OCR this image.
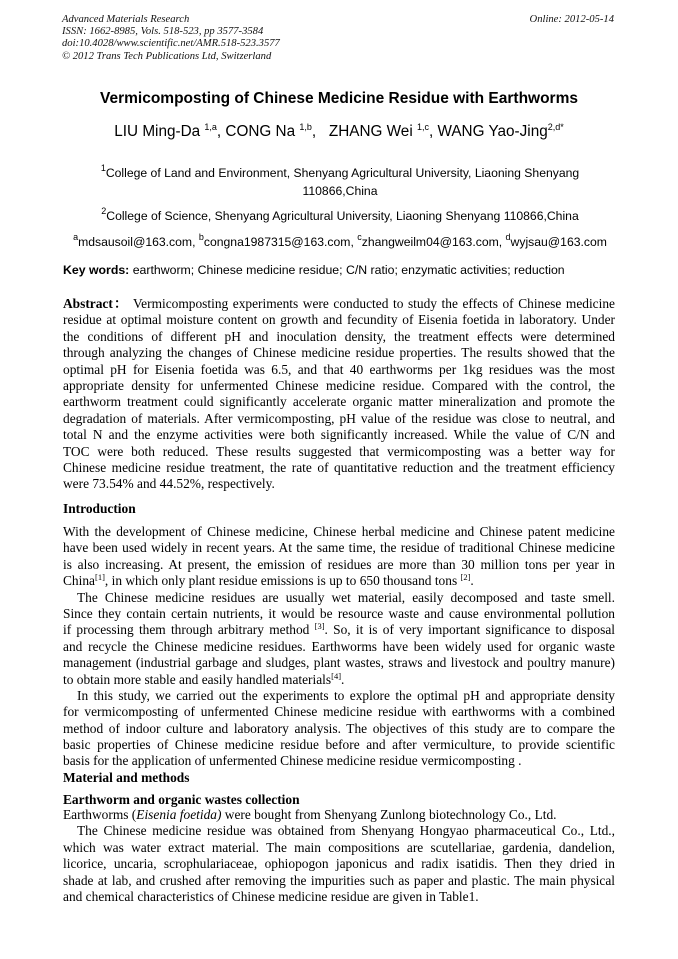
Advanced Materials Research
ISSN: 1662-8985, Vols. 518-523, pp 3577-3584
doi:10.4028/www.scientific.net/AMR.518-523.3577
© 2012 Trans Tech Publications Ltd, Switzerland
Online: 2012-05-14
Vermicomposting of Chinese Medicine Residue with Earthworms
LIU Ming-Da $^{1,a}$, CONG Na $^{1,b}$,   ZHANG Wei $^{1,c}$, WANG Yao-Jing$^{2,d*}$
$^1$College of Land and Environment, Shenyang Agricultural University, Liaoning Shenyang
110866,China
$^2$College of Science, Shenyang Agricultural University, Liaoning Shenyang 110866,China
$^a$mdsausoil@163.com, $^b$congna1987315@163.com, $^c$zhangweilm04@163.com, $^d$wyjsau@163.com
Key words: earthworm; Chinese medicine residue; C/N ratio; enzymatic activities; reduction
Abstract： Vermicomposting experiments were conducted to study the effects of Chinese medicine
residue at optimal moisture content on growth and fecundity of Eisenia foetida in laboratory. Under
the conditions of different pH and inoculation density, the treatment effects were determined
through analyzing the changes of Chinese medicine residue properties. The results showed that the
optimal pH for Eisenia foetida was 6.5, and that 40 earthworms per 1kg residues was the most
appropriate density for unfermented Chinese medicine residue. Compared with the control, the
earthworm treatment could significantly accelerate organic matter mineralization and promote the
degradation of materials. After vermicomposting, pH value of the residue was close to neutral, and
total N and the enzyme activities were both significantly increased. While the value of C/N and
TOC were both reduced. These results suggested that vermicomposting was a better way for
Chinese medicine residue treatment, the rate of quantitative reduction and the treatment efficiency
were 73.54% and 44.52%, respectively.
Introduction
With the development of Chinese medicine, Chinese herbal medicine and Chinese patent medicine
have been used widely in recent years. At the same time, the residue of traditional Chinese medicine
is also increasing. At present, the emission of residues are more than 30 million tons per year in
China[1], in which only plant residue emissions is up to 650 thousand tons [2].
The Chinese medicine residues are usually wet material, easily decomposed and taste smell.
Since they contain certain nutrients, it would be resource waste and cause environmental pollution
if processing them through arbitrary method [3]. So, it is of very important significance to disposal
and recycle the Chinese medicine residues. Earthworms have been widely used for organic waste
management (industrial garbage and sludges, plant wastes, straws and livestock and poultry manure)
to obtain more stable and easily handled materials[4].
In this study, we carried out the experiments to explore the optimal pH and appropriate density
for vermicomposting of unfermented Chinese medicine residue with earthworms with a combined
method of indoor culture and laboratory analysis. The objectives of this study are to compare the
basic properties of Chinese medicine residue before and after vermiculture, to provide scientific
basis for the application of unfermented Chinese medicine residue vermicomposting .
Material and methods
Earthworm and organic wastes collection
Earthworms (Eisenia foetida) were bought from Shenyang Zunlong biotechnology Co., Ltd.
The Chinese medicine residue was obtained from Shenyang Hongyao pharmaceutical Co., Ltd.,
which was water extract material. The main compositions are scutellariae, gardenia, dandelion,
licorice, uncaria, scrophulariaceae, ophiopogon japonicus and radix isatidis. Then they dried in
shade at lab, and crushed after removing the impurities such as paper and plastic. The main physical
and chemical characteristics of Chinese medicine residue are given in Table1.
